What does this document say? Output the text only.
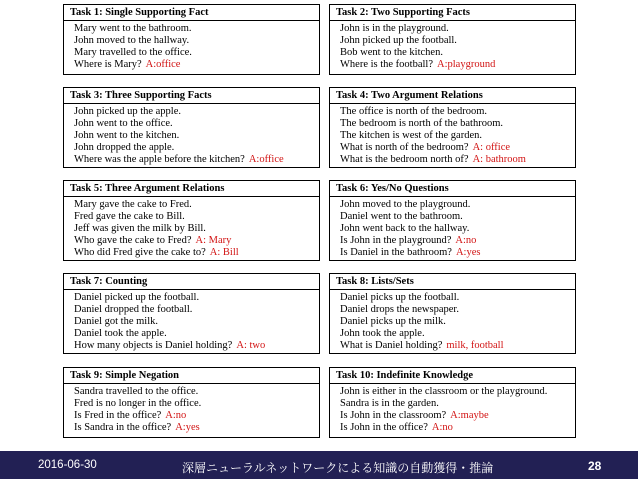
Task 1: Single Supporting Fact
Mary went to the bathroom.
John moved to the hallway.
Mary travelled to the office.
Where is Mary? A:office
Task 2: Two Supporting Facts
John is in the playground.
John picked up the football.
Bob went to the kitchen.
Where is the football? A:playground
Task 3: Three Supporting Facts
John picked up the apple.
John went to the office.
John went to the kitchen.
John dropped the apple.
Where was the apple before the kitchen? A:office
Task 4: Two Argument Relations
The office is north of the bedroom.
The bedroom is north of the bathroom.
The kitchen is west of the garden.
What is north of the bedroom? A: office
What is the bedroom north of? A: bathroom
Task 5: Three Argument Relations
Mary gave the cake to Fred.
Fred gave the cake to Bill.
Jeff was given the milk by Bill.
Who gave the cake to Fred? A: Mary
Who did Fred give the cake to? A: Bill
Task 6: Yes/No Questions
John moved to the playground.
Daniel went to the bathroom.
John went back to the hallway.
Is John in the playground? A:no
Is Daniel in the bathroom? A:yes
Task 7: Counting
Daniel picked up the football.
Daniel dropped the football.
Daniel got the milk.
Daniel took the apple.
How many objects is Daniel holding? A: two
Task 8: Lists/Sets
Daniel picks up the football.
Daniel drops the newspaper.
Daniel picks up the milk.
John took the apple.
What is Daniel holding? milk, football
Task 9: Simple Negation
Sandra travelled to the office.
Fred is no longer in the office.
Is Fred in the office? A:no
Is Sandra in the office? A:yes
Task 10: Indefinite Knowledge
John is either in the classroom or the playground.
Sandra is in the garden.
Is John in the classroom? A:maybe
Is John in the office? A:no
2016-06-30	深層ニューラルネットワークによる知識の自動獲得・推論	28
